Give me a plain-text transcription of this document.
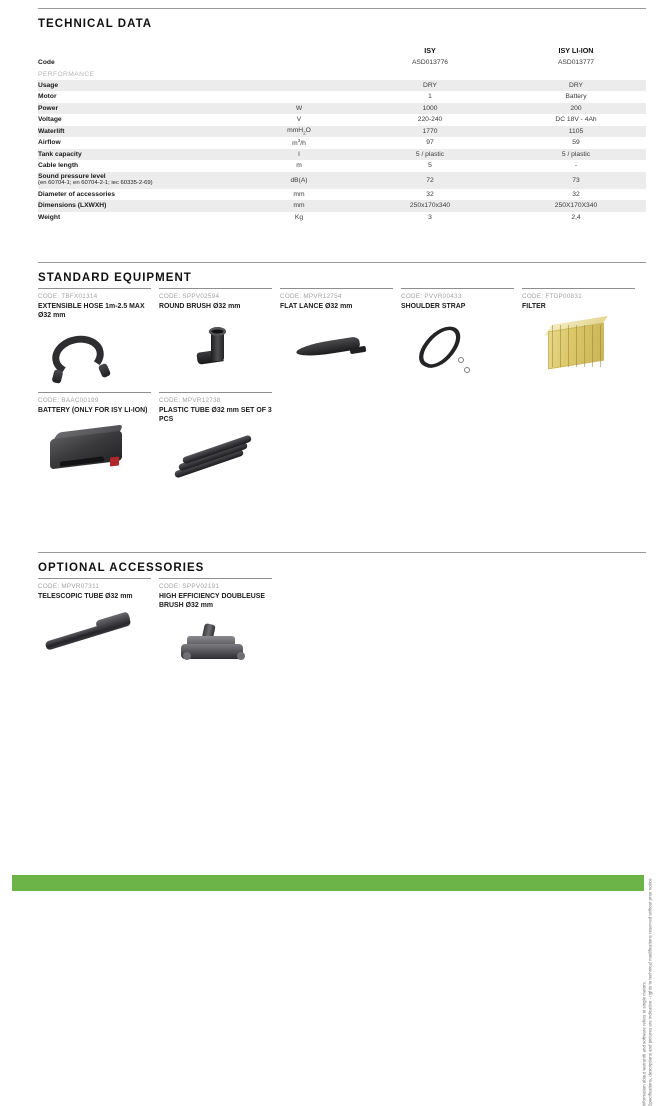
TECHNICAL DATA
		ISY	ISY LI-ION
Code		ASD013776	ASD013777
PERFORMANCE			
Usage		DRY	DRY
Motor		1	Battery
Power	W	1000	200
Voltage	V	220-240	DC 18V - 4Ah
Waterlift	mmH$_2$O	1770	1105
Airflow	$m^3/h$	97	59
Tank capacity	l	5 / plastic	5 / plastic
Cable length	m	5	-
Sound pressure level
(en 60704-1; en 60704-2-1; iec 60335-2-69)	dB(A)	72	73
Diameter of accessories	mm	32	32
Dimensions (LXWXH)	mm	250x170x340	250X170X340
Weight	Kg	3	2,4
STANDARD EQUIPMENT
CODE: TBFX01314
EXTENSIBLE HOSE 1m-2.5 MAX Ø32 mm
CODE: SPPV02594
ROUND BRUSH Ø32 mm
CODE: MPVR12754
FLAT LANCE Ø32 mm
CODE: PVVR00433
SHOULDER STRAP
CODE: FTDP00831
FILTER
CODE: BAAC00199
BATTERY (ONLY FOR ISY LI-ION)
CODE: MPVR12738
PLASTIC TUBE Ø32 mm SET OF 3 PCS
OPTIONAL ACCESSORIES
CODE: MPVR07311
TELESCOPIC TUBE Ø32 mm
CODE: SPPV02191
HIGH EFFICIENCY DOUBLEUSE BRUSH Ø32 mm
Information about warranth and software refers to single motors. Specifications, descriptions and pictures are indicative - rights to technical modifications reserved without prior notice
